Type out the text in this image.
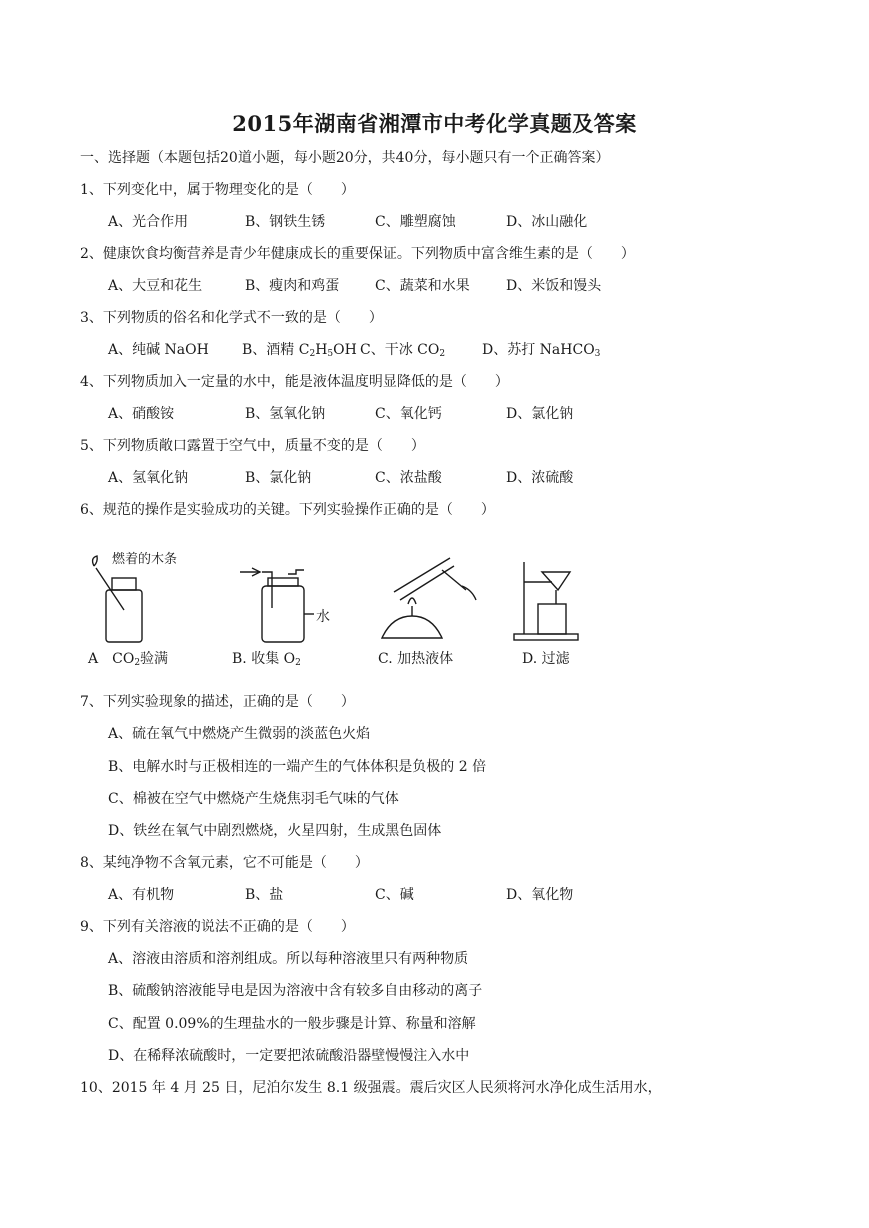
2015年湖南省湘潭市中考化学真题及答案
一、选择题（本题包括20道小题，每小题20分，共40分，每小题只有一个正确答案）
1、下列变化中，属于物理变化的是（　　）
A、光合作用	B、钢铁生锈	C、雕塑腐蚀	D、冰山融化
2、健康饮食均衡营养是青少年健康成长的重要保证。下列物质中富含维生素的是（　　）
A、大豆和花生	B、瘦肉和鸡蛋	C、蔬菜和水果	D、米饭和馒头
3、下列物质的俗名和化学式不一致的是（　　）
A、纯碱 NaOH B、酒精 $C_2H_5OH$ C、干冰 $CO_2$	D、苏打 NaHCO$_3$
4、下列物质加入一定量的水中，能是液体温度明显降低的是（　　）
A、硝酸铵	B、氢氧化钠	C、氧化钙	D、氯化钠
5、下列物质敞口露置于空气中，质量不变的是（　　）
A、氢氧化钠	B、氯化钠	C、浓盐酸	D、浓硫酸
6、规范的操作是实验成功的关键。下列实验操作正确的是（　　）
燃着的木条
水
A　$CO_2$验满	B. 收集 $O_2$	C. 加热液体	D. 过滤
7、下列实验现象的描述，正确的是（　　）
A、硫在氧气中燃烧产生微弱的淡蓝色火焰
B、电解水时与正极相连的一端产生的气体体积是负极的 2 倍
C、棉被在空气中燃烧产生烧焦羽毛气味的气体
D、铁丝在氧气中剧烈燃烧，火星四射，生成黑色固体
8、某纯净物不含氧元素，它不可能是（　　）
A、有机物	B、盐	C、碱	D、氧化物
9、下列有关溶液的说法不正确的是（　　）
A、溶液由溶质和溶剂组成。所以每种溶液里只有两种物质
B、硫酸钠溶液能导电是因为溶液中含有较多自由移动的离子
C、配置 0.09%的生理盐水的一般步骤是计算、称量和溶解
D、在稀释浓硫酸时，一定要把浓硫酸沿器壁慢慢注入水中
10、2015 年 4 月 25 日，尼泊尔发生 8.1 级强震。震后灾区人民须将河水净化成生活用水，
